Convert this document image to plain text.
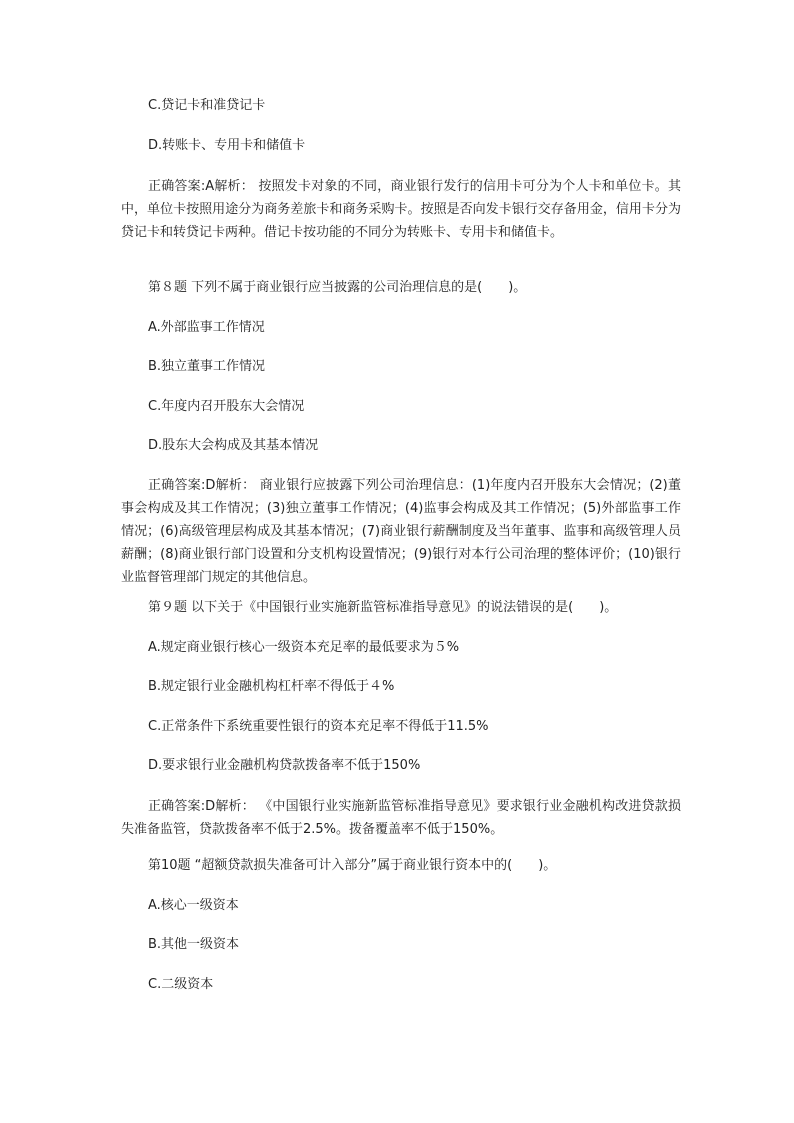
C.贷记卡和准贷记卡
D.转账卡、专用卡和储值卡
正确答案:A解析： 按照发卡对象的不同，商业银行发行的信用卡可分为个人卡和单位卡。其中，单位卡按照用途分为商务差旅卡和商务采购卡。按照是否向发卡银行交存备用金，信用卡分为贷记卡和转贷记卡两种。借记卡按功能的不同分为转账卡、专用卡和储值卡。
第８题 下列不属于商业银行应当披露的公司治理信息的是(　　)。
A.外部监事工作情况
B.独立董事工作情况
C.年度内召开股东大会情况
D.股东大会构成及其基本情况
正确答案:D解析： 商业银行应披露下列公司治理信息：(1)年度内召开股东大会情况；(2)董事会构成及其工作情况；(3)独立董事工作情况；(4)监事会构成及其工作情况；(5)外部监事工作情况；(6)高级管理层构成及其基本情况；(7)商业银行薪酬制度及当年董事、监事和高级管理人员薪酬；(8)商业银行部门设置和分支机构设置情况；(9)银行对本行公司治理的整体评价；(10)银行业监督管理部门规定的其他信息。
第９题 以下关于《中国银行业实施新监管标准指导意见》的说法错误的是(　　)。
A.规定商业银行核心一级资本充足率的最低要求为５%
B.规定银行业金融机构杠杆率不得低于４%
C.正常条件下系统重要性银行的资本充足率不得低于11.5%
D.要求银行业金融机构贷款拨备率不低于150%
正确答案:D解析： 《中国银行业实施新监管标准指导意见》要求银行业金融机构改进贷款损失准备监管，贷款拨备率不低于2.5%。拨备覆盖率不低于150%。
第10题 “超额贷款损失准备可计入部分”属于商业银行资本中的(　　)。
A.核心一级资本
B.其他一级资本
C.二级资本
